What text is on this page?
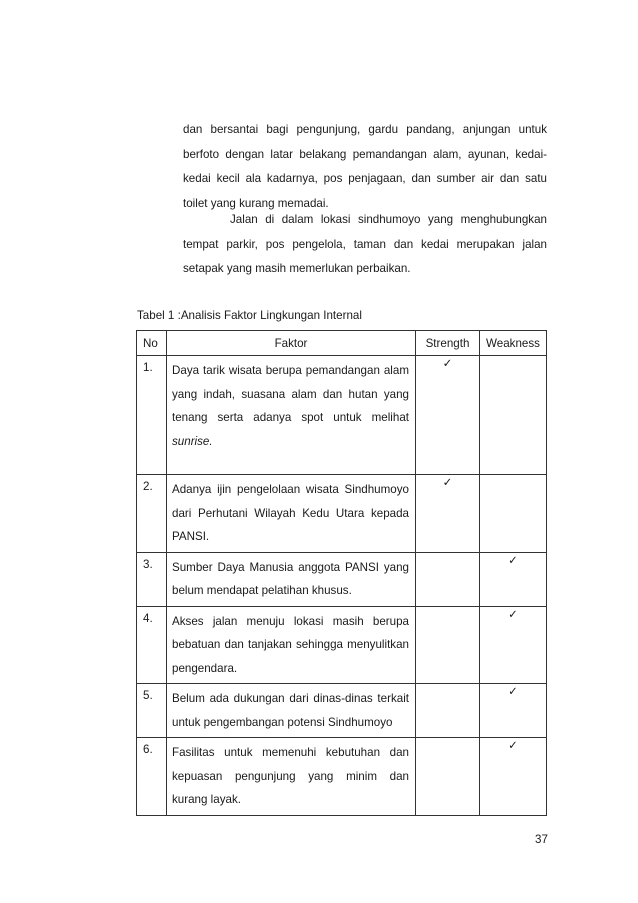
dan bersantai bagi pengunjung, gardu pandang, anjungan untuk berfoto dengan latar belakang pemandangan alam, ayunan, kedai-kedai kecil ala kadarnya, pos penjagaan, dan sumber air dan satu toilet yang kurang memadai.

Jalan di dalam lokasi sindhumoyo yang menghubungkan tempat parkir, pos pengelola, taman dan kedai merupakan jalan setapak yang masih memerlukan perbaikan.

Tabel 1 :Analisis Faktor Lingkungan Internal
No	Faktor	Strength	Weakness
1.	Daya tarik wisata berupa pemandangan alam yang indah, suasana alam dan hutan yang tenang serta adanya spot untuk melihat sunrise.	✓	
2.	Adanya ijin pengelolaan wisata Sindhumoyo dari Perhutani Wilayah Kedu Utara kepada PANSI.	✓	
3.	Sumber Daya Manusia anggota PANSI yang belum mendapat pelatihan khusus.		✓
4.	Akses jalan menuju lokasi masih berupa bebatuan dan tanjakan sehingga menyulitkan pengendara.		✓
5.	Belum ada dukungan dari dinas-dinas terkait untuk pengembangan potensi Sindhumoyo		✓
6.	Fasilitas untuk memenuhi kebutuhan dan kepuasan pengunjung yang minim dan kurang layak.		✓
37
